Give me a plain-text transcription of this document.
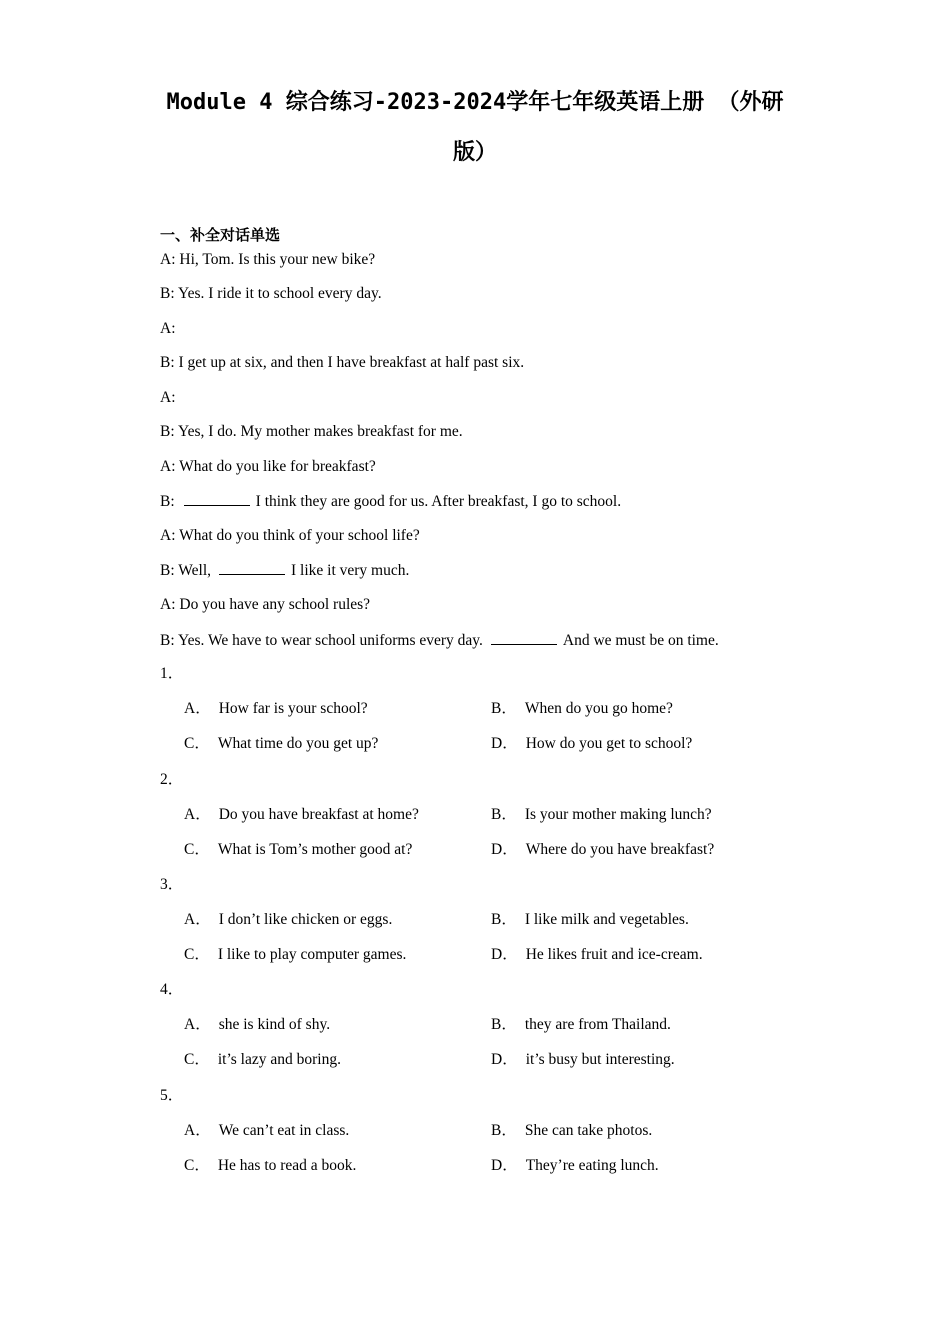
Module 4 综合练习-2023-2024学年七年级英语上册 （外研
版）
一、补全对话单选
A: Hi, Tom. Is this your new bike?
B: Yes. I ride it to school every day.
A:
B: I get up at six, and then I have breakfast at half past six.
A:
B: Yes, I do. My mother makes breakfast for me.
A: What do you like for breakfast?
B:	I think they are good for us. After breakfast, I go to school.
A: What do you think of your school life?
B: Well,	I like it very much.
A: Do you have any school rules?
B: Yes. We have to wear school uniforms every day.	And we must be on time.
1．
A． How far is your school?	B． When do you go home?
C． What time do you get up?	D． How do you get to school?
2．
A． Do you have breakfast at home?	B． Is your mother making lunch?
C． What is Tom’s mother good at?	D． Where do you have breakfast?
3．
A． I don’t like chicken or eggs.	B． I like milk and vegetables.
C． I like to play computer games.	D． He likes fruit and ice-cream.
4．
A． she is kind of shy.	B． they are from Thailand.
C． it’s lazy and boring.	D． it’s busy but interesting.
5．
A． We can’t eat in class.	B． She can take photos.
C． He has to read a book.	D． They’re eating lunch.
